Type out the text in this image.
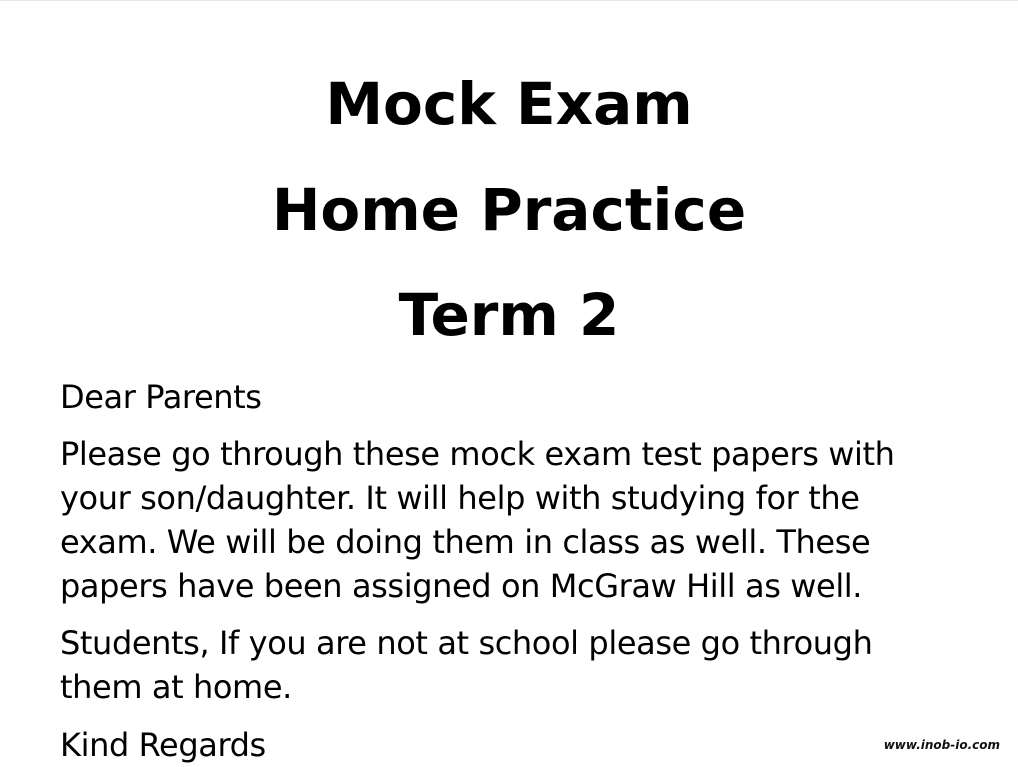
Mock Exam
Home Practice
Term 2

Dear Parents

Please go through these mock exam test papers with your son/daughter. It will help with studying for the exam. We will be doing them in class as well. These papers have been assigned on McGraw Hill as well.

Students, If you are not at school please go through them at home.

Kind Regards	www.inob-io.com
